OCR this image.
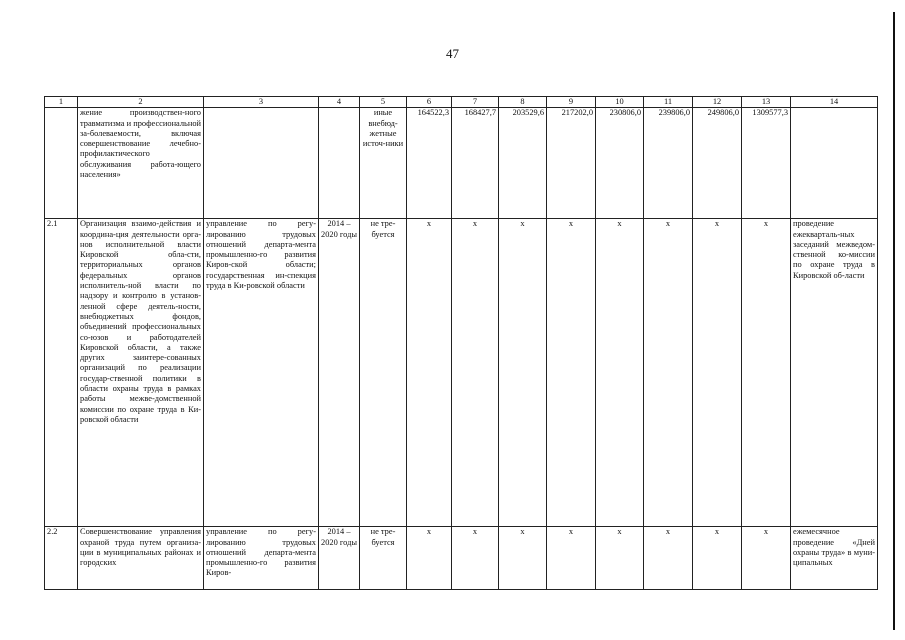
47
1	2	3	4	5	6	7	8	9	10	11	12	13	14
	жение производствен-ного травматизма и профессиональной за-болеваемости, включая совершенствование лечебно-профилактического обслуживания работа-ющего населения»			иные внебюд-жетные источ-ники	164522,3	168427,7	203529,6	217202,0	230806,0	239806,0	249806,0	1309577,3	
2.1	Организация взаимо-действия и координа-ция деятельности орга-нов исполнительной власти Кировской обла-сти, территориальных органов федеральных органов исполнитель-ной власти по надзору и контролю в установ-ленной сфере деятель-ности, внебюджетных фондов, объединений профессиональных со-юзов и работодателей Кировской области, а также других заинтере-сованных организаций по реализации государ-ственной политики в области охраны труда в рамках работы межве-домственной комиссии по охране труда в Ки-ровской области	управление по регу-лированию трудовых отношений департа-мента промышленно-го развития Киров-ской области; государственная ин-спекция труда в Ки-ровской области	2014 – 2020 годы	не тре-буется	x	x	x	x	x	x	x	x	проведение ежекварталь-ных заседаний межведом-ственной ко-миссии по охране труда в Кировской об-ласти
2.2	Совершенствование управления охраной труда путем организа-ции в муниципальных районах и городских	управление по регу-лированию трудовых отношений департа-мента промышленно-го развития Киров-	2014 – 2020 годы	не тре-буется	x	x	x	x	x	x	x	x	ежемесячное проведение «Дней охраны труда» в муни-ципальных
